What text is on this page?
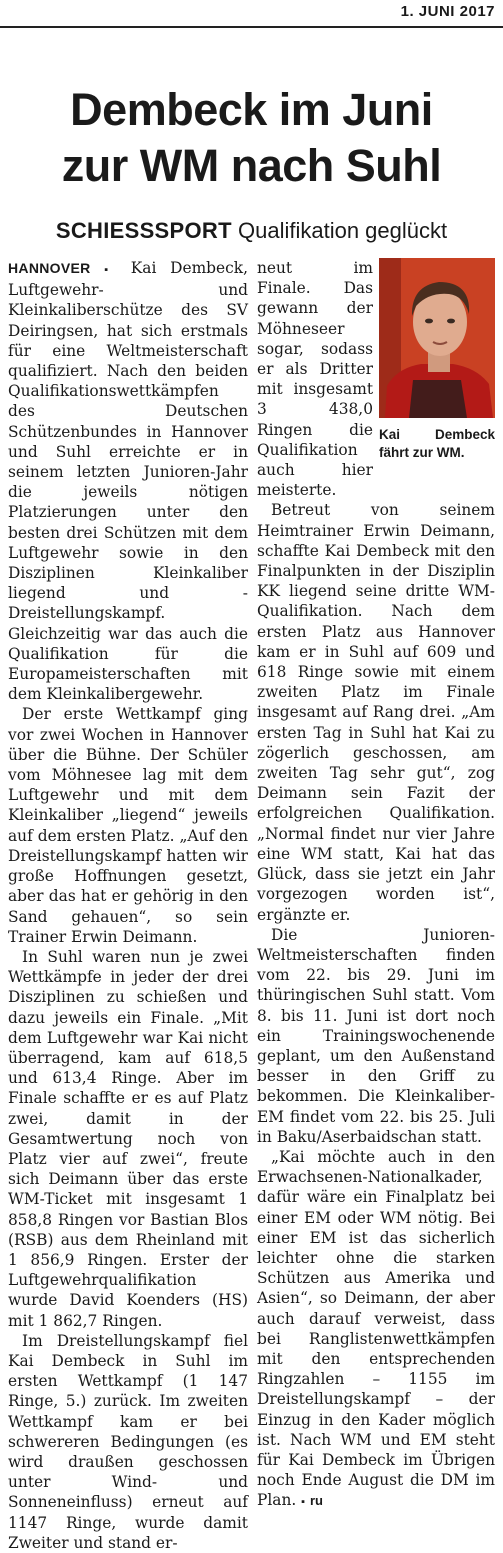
1. JUNI 2017
Dembeck im Juni
zur WM nach Suhl
SCHIESSSPORT Qualifikation geglückt

HANNOVER ▪ Kai Dembeck, Luftgewehr- und Kleinkaliberschütze des SV Deiringsen, hat sich erstmals für eine Weltmeisterschaft qualifiziert. Nach den beiden Qualifikationswettkämpfen des Deutschen Schützenbundes in Hannover und Suhl erreichte er in seinem letzten Junioren-Jahr die jeweils nötigen Platzierungen unter den besten drei Schützen mit dem Luftgewehr sowie in den Disziplinen Kleinkaliber liegend und -Dreistellungskampf. Gleichzeitig war das auch die Qualifikation für die Europameisterschaften mit dem Kleinkalibergewehr.

Der erste Wettkampf ging vor zwei Wochen in Hannover über die Bühne. Der Schüler vom Möhnesee lag mit dem Luftgewehr und mit dem Kleinkaliber „liegend“ jeweils auf dem ersten Platz. „Auf den Dreistellungskampf hatten wir große Hoffnungen gesetzt, aber das hat er gehörig in den Sand gehauen“, so sein Trainer Erwin Deimann.

In Suhl waren nun je zwei Wettkämpfe in jeder der drei Disziplinen zu schießen und dazu jeweils ein Finale. „Mit dem Luftgewehr war Kai nicht überragend, kam auf 618,5 und 613,4 Ringe. Aber im Finale schaffte er es auf Platz zwei, damit in der Gesamtwertung noch von Platz vier auf zwei“, freute sich Deimann über das erste WM-Ticket mit insgesamt 1 858,8 Ringen vor Bastian Blos (RSB) aus dem Rheinland mit 1 856,9 Ringen. Erster der Luftgewehrqualifikation wurde David Koenders (HS) mit 1 862,7 Ringen.

Im Dreistellungskampf fiel Kai Dembeck in Suhl im ersten Wettkampf (1 147 Ringe, 5.) zurück. Im zweiten Wettkampf kam er bei schwereren Bedingungen (es wird draußen geschossen unter Wind- und Sonneneinfluss) erneut auf 1147 Ringe, wurde damit Zweiter und stand er-

Kai Dembeck fährt zur WM.

neut im Finale. Das gewann der Möhneseer sogar, sodass er als Dritter mit insgesamt 3 438,0 Ringen die Qualifikation auch hier meisterte.

Betreut von seinem Heimtrainer Erwin Deimann, schaffte Kai Dembeck mit den Finalpunkten in der Disziplin KK liegend seine dritte WM-Qualifikation. Nach dem ersten Platz aus Hannover kam er in Suhl auf 609 und 618 Ringe sowie mit einem zweiten Platz im Finale insgesamt auf Rang drei. „Am ersten Tag in Suhl hat Kai zu zögerlich geschossen, am zweiten Tag sehr gut“, zog Deimann sein Fazit der erfolgreichen Qualifikation. „Normal findet nur vier Jahre eine WM statt, Kai hat das Glück, dass sie jetzt ein Jahr vorgezogen worden ist“, ergänzte er.

Die Junioren-Weltmeisterschaften finden vom 22. bis 29. Juni im thüringischen Suhl statt. Vom 8. bis 11. Juni ist dort noch ein Trainingswochenende geplant, um den Außenstand besser in den Griff zu bekommen. Die Kleinkaliber-EM findet vom 22. bis 25. Juli in Baku/Aserbaidschan statt.

„Kai möchte auch in den Erwachsenen-Nationalkader, dafür wäre ein Finalplatz bei einer EM oder WM nötig. Bei einer EM ist das sicherlich leichter ohne die starken Schützen aus Amerika und Asien“, so Deimann, der aber auch darauf verweist, dass bei Ranglistenwettkämpfen mit den entsprechenden Ringzahlen – 1155 im Dreistellungskampf – der Einzug in den Kader möglich ist. Nach WM und EM steht für Kai Dembeck im Übrigen noch Ende August die DM im Plan. ▪ ru
